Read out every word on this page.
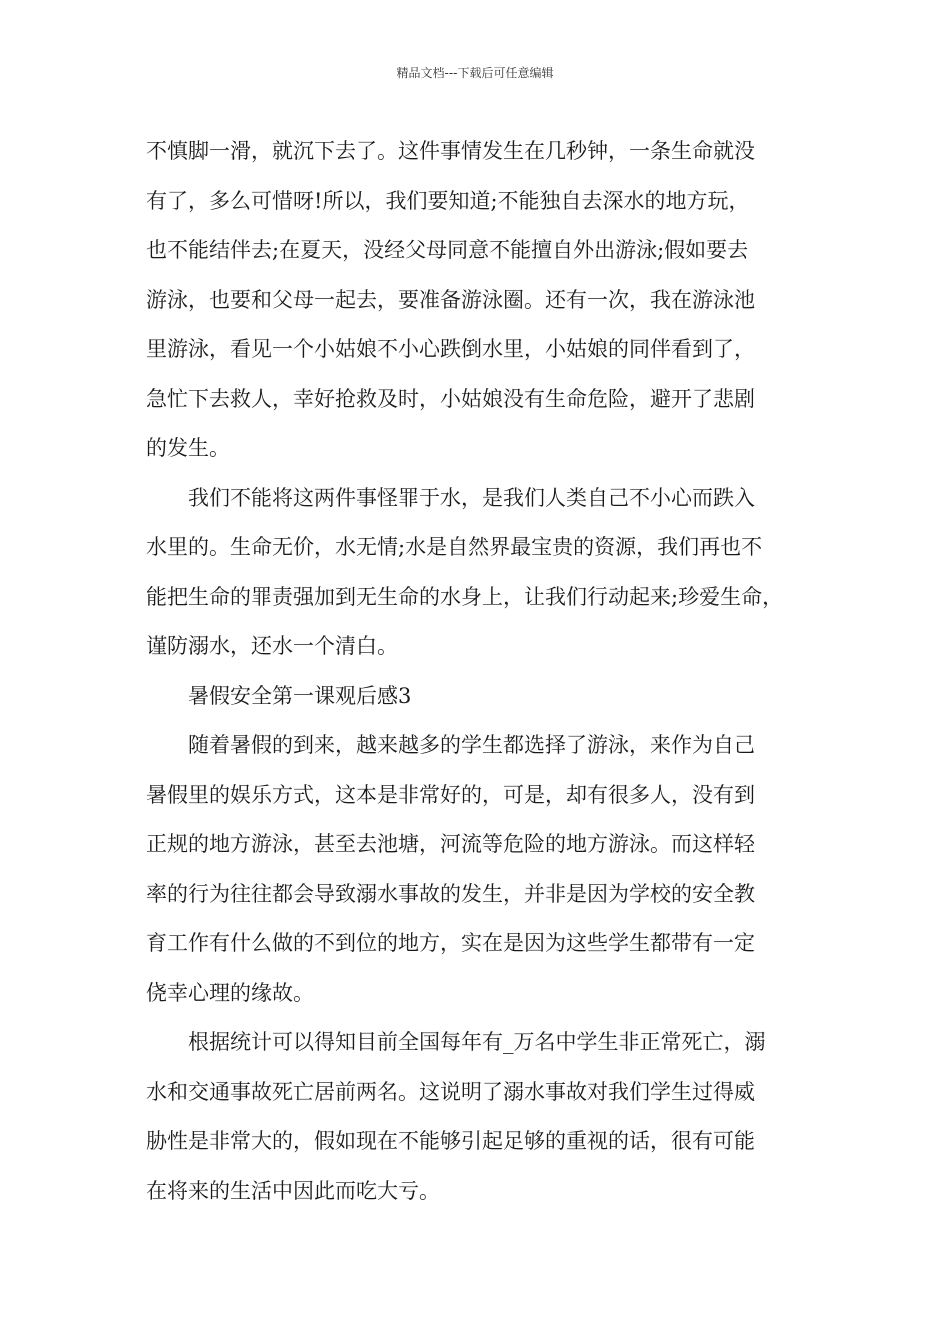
精品文档---下载后可任意编辑
不慎脚一滑，就沉下去了。这件事情发生在几秒钟，一条生命就没
有了，多么可惜呀!所以，我们要知道;不能独自去深水的地方玩，
也不能结伴去;在夏天，没经父母同意不能擅自外出游泳;假如要去
游泳，也要和父母一起去，要准备游泳圈。还有一次，我在游泳池
里游泳，看见一个小姑娘不小心跌倒水里，小姑娘的同伴看到了，
急忙下去救人，幸好抢救及时，小姑娘没有生命危险，避开了悲剧
的发生。
我们不能将这两件事怪罪于水，是我们人类自己不小心而跌入
水里的。生命无价，水无情;水是自然界最宝贵的资源，我们再也不
能把生命的罪责强加到无生命的水身上，让我们行动起来;珍爱生命，
谨防溺水，还水一个清白。
暑假安全第一课观后感3
随着暑假的到来，越来越多的学生都选择了游泳，来作为自己
暑假里的娱乐方式，这本是非常好的，可是，却有很多人，没有到
正规的地方游泳，甚至去池塘，河流等危险的地方游泳。而这样轻
率的行为往往都会导致溺水事故的发生，并非是因为学校的安全教
育工作有什么做的不到位的地方，实在是因为这些学生都带有一定
侥幸心理的缘故。
根据统计可以得知目前全国每年有_万名中学生非正常死亡，溺
水和交通事故死亡居前两名。这说明了溺水事故对我们学生过得威
胁性是非常大的，假如现在不能够引起足够的重视的话，很有可能
在将来的生活中因此而吃大亏。
